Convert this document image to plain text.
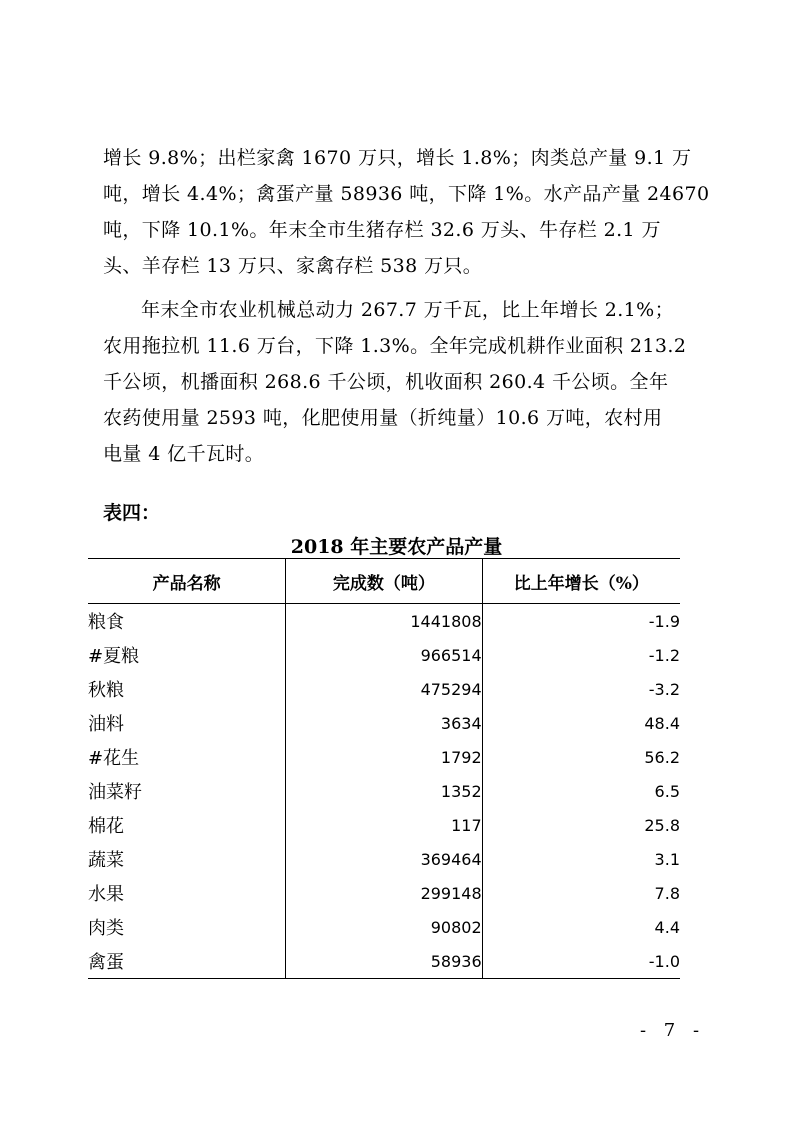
增长 9.8%；出栏家禽 1670 万只，增长 1.8%；肉类总产量 9.1 万
吨，增长 4.4%；禽蛋产量 58936 吨，下降 1%。水产品产量 24670
吨，下降 10.1%。年末全市生猪存栏 32.6 万头、牛存栏 2.1 万
头、羊存栏 13 万只、家禽存栏 538 万只。
年末全市农业机械总动力 267.7 万千瓦，比上年增长 2.1%；
农用拖拉机 11.6 万台，下降 1.3%。全年完成机耕作业面积 213.2
千公顷，机播面积 268.6 千公顷，机收面积 260.4 千公顷。全年
农药使用量 2593 吨，化肥使用量（折纯量）10.6 万吨，农村用
电量 4 亿千瓦时。
表四：
2018 年主要农产品产量
产品名称	完成数（吨）	比上年增长（%）
粮食	1441808	-1.9
#夏粮	966514	-1.2
秋粮	475294	-3.2
油料	3634	48.4
#花生	1792	56.2
油菜籽	1352	6.5
棉花	117	25.8
蔬菜	369464	3.1
水果	299148	7.8
肉类	90802	4.4
禽蛋	58936	-1.0
- 7 -
